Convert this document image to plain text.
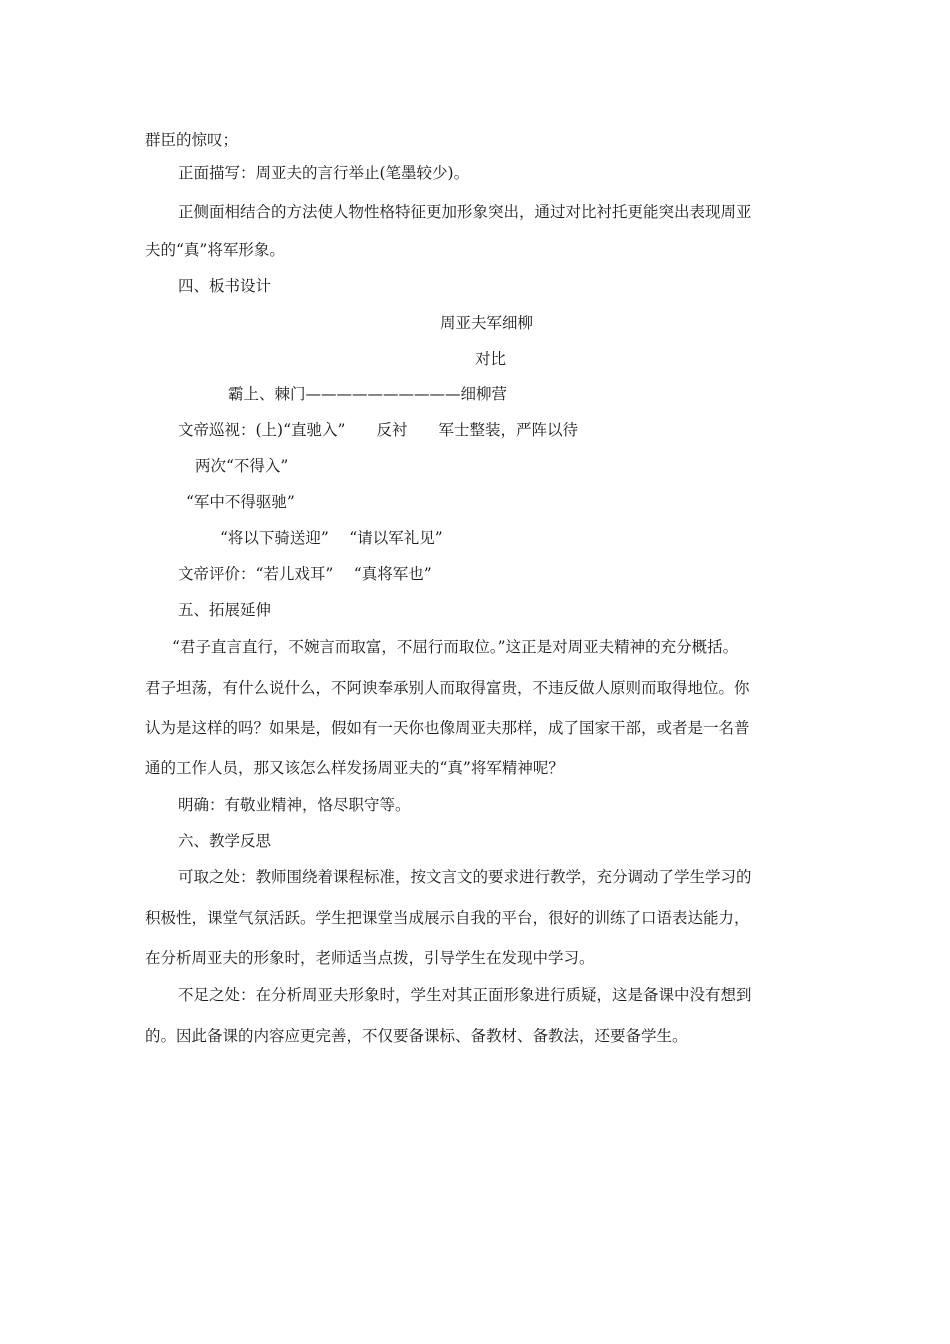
群臣的惊叹；

正面描写：周亚夫的言行举止(笔墨较少)。

正侧面相结合的方法使人物性格特征更加形象突出，通过对比衬托更能突出表现周亚

夫的“真”将军形象。

四、板书设计

周亚夫军细柳

对比

霸上、棘门——————————细柳营

文帝巡视：(上)“直驰入”　　反衬　　军士整装，严阵以待

两次“不得入”

“军中不得驱驰”

“将以下骑送迎”　 “请以军礼见”

文帝评价：“若儿戏耳”　 “真将军也”

五、拓展延伸

“君子直言直行，不婉言而取富，不屈行而取位。”这正是对周亚夫精神的充分概括。

君子坦荡，有什么说什么，不阿谀奉承别人而取得富贵，不违反做人原则而取得地位。你

认为是这样的吗？如果是，假如有一天你也像周亚夫那样，成了国家干部，或者是一名普

通的工作人员，那又该怎么样发扬周亚夫的“真”将军精神呢？

明确：有敬业精神，恪尽职守等。

六、教学反思

可取之处：教师围绕着课程标准，按文言文的要求进行教学，充分调动了学生学习的

积极性，课堂气氛活跃。学生把课堂当成展示自我的平台，很好的训练了口语表达能力，

在分析周亚夫的形象时，老师适当点拨，引导学生在发现中学习。

不足之处：在分析周亚夫形象时，学生对其正面形象进行质疑，这是备课中没有想到

的。因此备课的内容应更完善，不仅要备课标、备教材、备教法，还要备学生。
